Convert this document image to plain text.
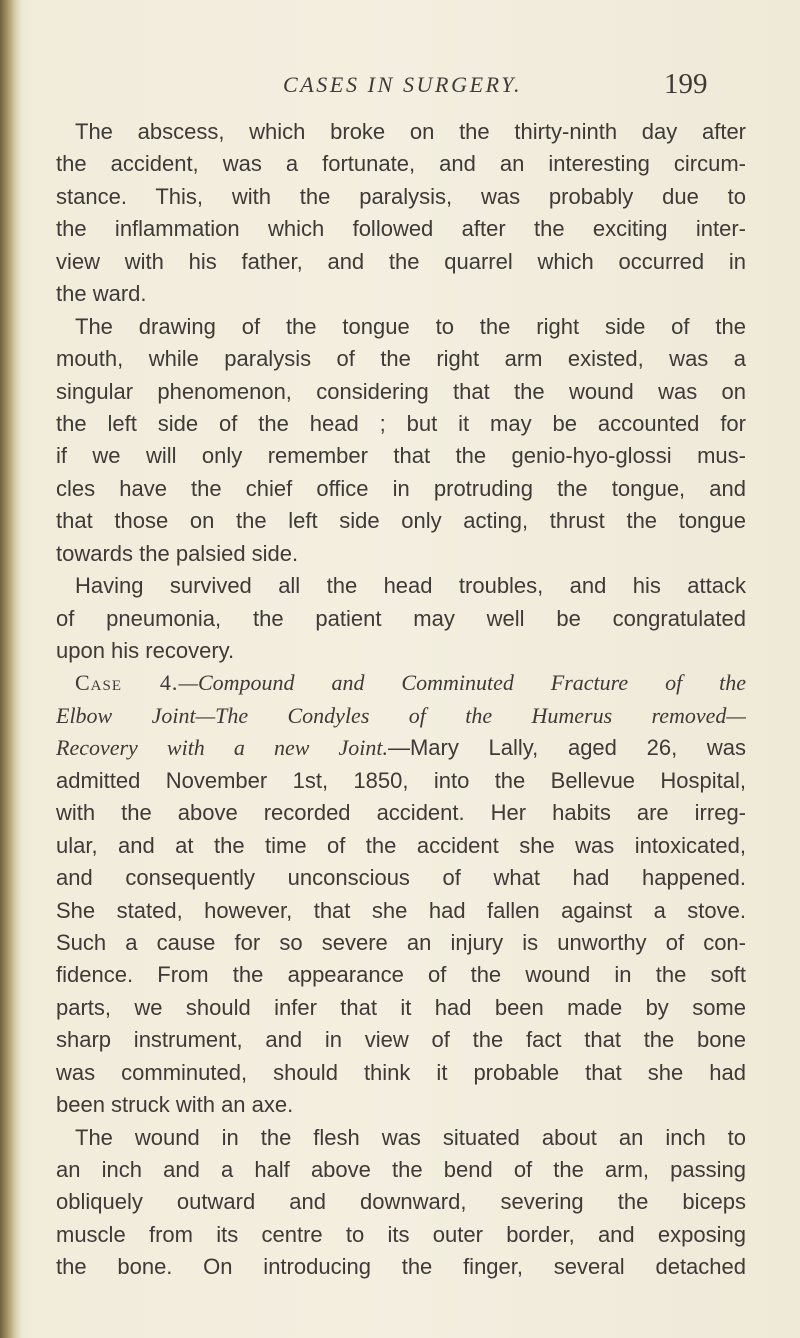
CASES IN SURGERY.	199
The abscess, which broke on the thirty-ninth day after
the accident, was a fortunate, and an interesting circum-
stance. This, with the paralysis, was probably due to
the inflammation which followed after the exciting inter-
view with his father, and the quarrel which occurred in
the ward.
The drawing of the tongue to the right side of the
mouth, while paralysis of the right arm existed, was a
singular phenomenon, considering that the wound was on
the left side of the head ; but it may be accounted for
if we will only remember that the genio-hyo-glossi mus-
cles have the chief office in protruding the tongue, and
that those on the left side only acting, thrust the tongue
towards the palsied side.
Having survived all the head troubles, and his attack
of pneumonia, the patient may well be congratulated
upon his recovery.
Case 4.—Compound and Comminuted Fracture of the
Elbow Joint—The Condyles of the Humerus removed—
Recovery with a new Joint.—Mary Lally, aged 26, was
admitted November 1st, 1850, into the Bellevue Hospital,
with the above recorded accident. Her habits are irreg-
ular, and at the time of the accident she was intoxicated,
and consequently unconscious of what had happened.
She stated, however, that she had fallen against a stove.
Such a cause for so severe an injury is unworthy of con-
fidence. From the appearance of the wound in the soft
parts, we should infer that it had been made by some
sharp instrument, and in view of the fact that the bone
was comminuted, should think it probable that she had
been struck with an axe.
The wound in the flesh was situated about an inch to
an inch and a half above the bend of the arm, passing
obliquely outward and downward, severing the biceps
muscle from its centre to its outer border, and exposing
the bone. On introducing the finger, several detached
